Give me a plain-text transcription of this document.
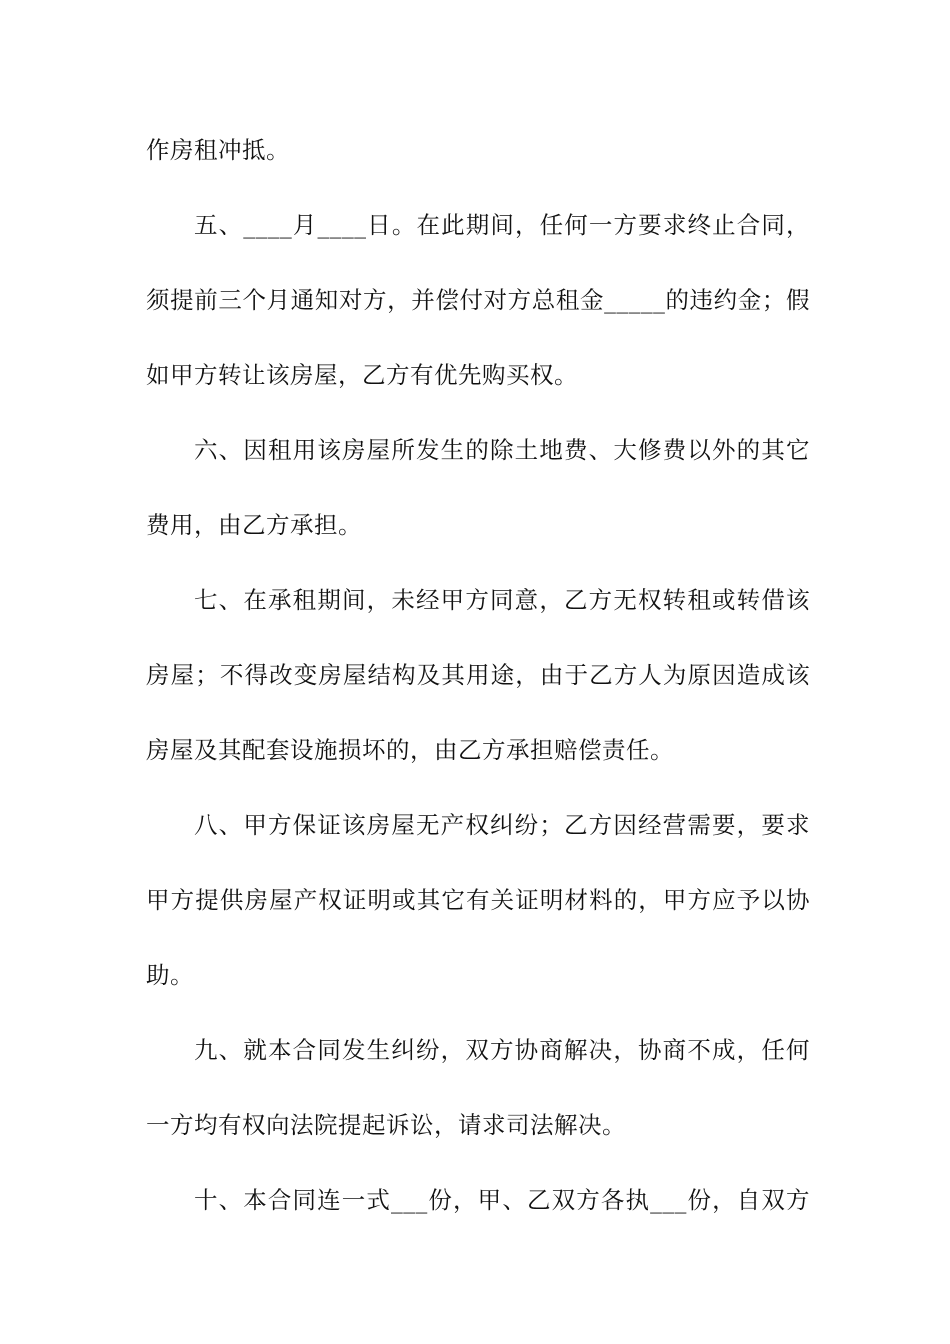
作房租冲抵。
五、____月____日。在此期间，任何一方要求终止合同，
须提前三个月通知对方，并偿付对方总租金_____的违约金；假
如甲方转让该房屋，乙方有优先购买权。
六、因租用该房屋所发生的除土地费、大修费以外的其它
费用，由乙方承担。
七、在承租期间，未经甲方同意，乙方无权转租或转借该
房屋；不得改变房屋结构及其用途，由于乙方人为原因造成该
房屋及其配套设施损坏的，由乙方承担赔偿责任。
八、甲方保证该房屋无产权纠纷；乙方因经营需要，要求
甲方提供房屋产权证明或其它有关证明材料的，甲方应予以协
助。
九、就本合同发生纠纷，双方协商解决，协商不成，任何
一方均有权向法院提起诉讼，请求司法解决。
十、本合同连一式___份，甲、乙双方各执___份，自双方
